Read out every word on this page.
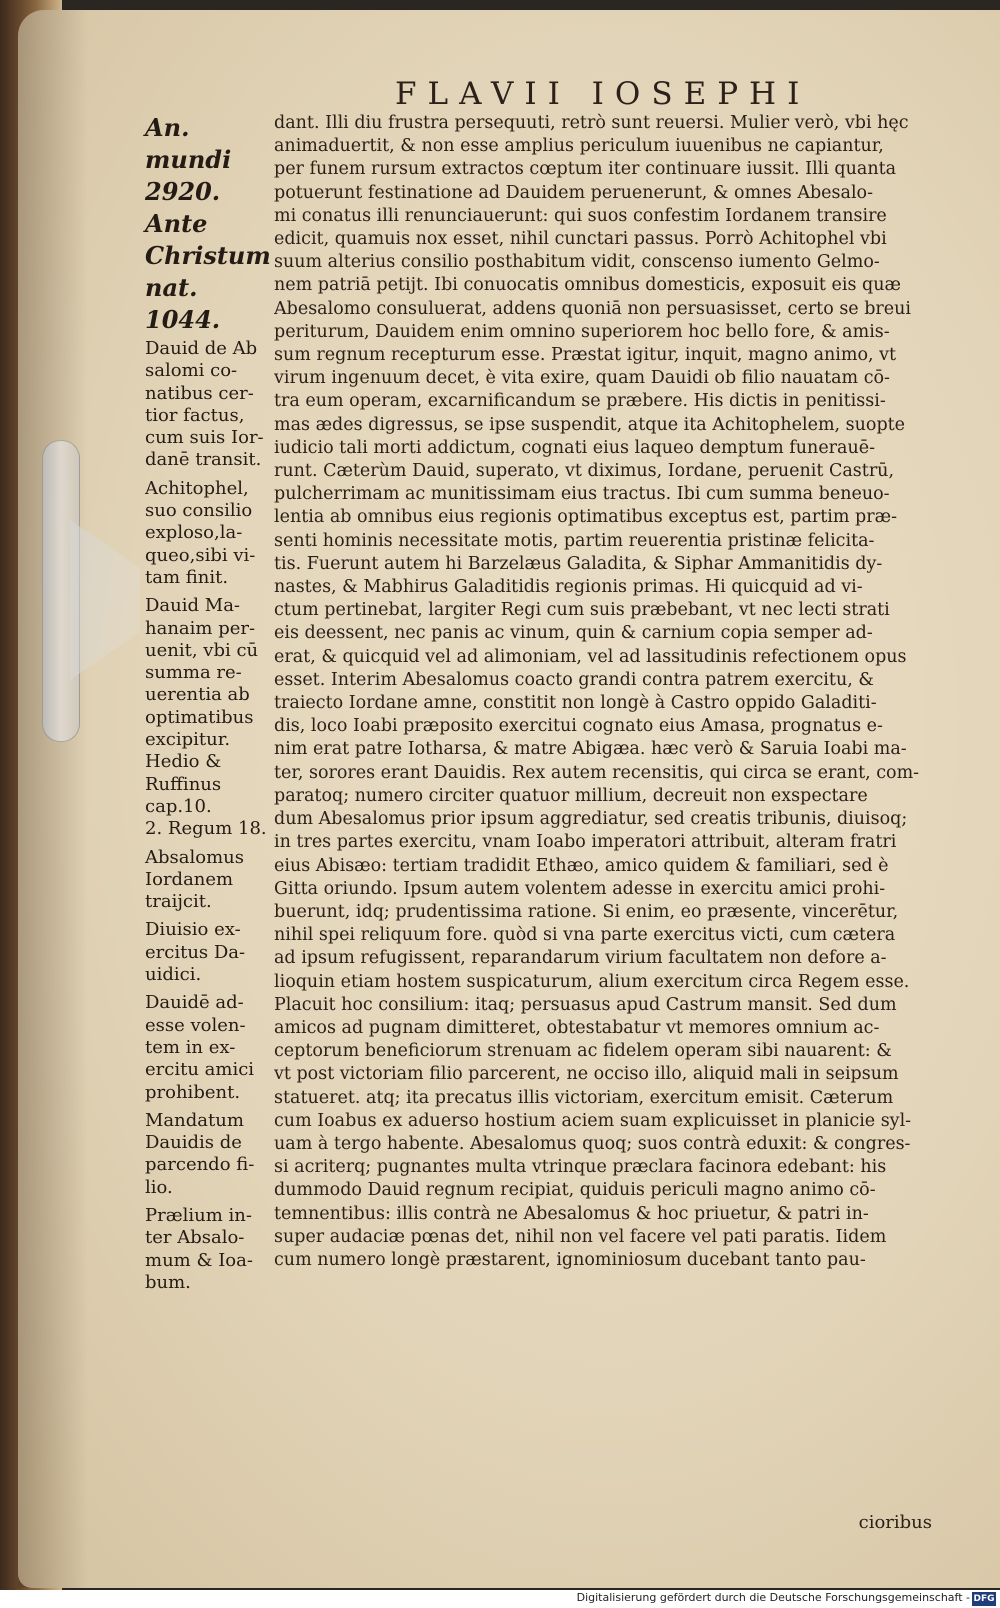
FLAVII IOSEPHI
An. mundi
2920. Ante
Christum
nat. 1044.
Dauid de Ab
salomi co-
natibus cer-
tior factus,
cum suis Ior-
danē transit.
Achitophel,
suo consilio
exploso,la-
queo,sibi vi-
tam finit.
Dauid Ma-
hanaim per-
uenit, vbi cū
summa re-
uerentia ab
optimatibus
excipitur.
Hedio &
Ruffinus
cap.10.
2. Regum 18.
Absalomus
Iordanem
traijcit.
Diuisio ex-
ercitus Da-
uidici.
Dauidē ad-
esse volen-
tem in ex-
ercitu amici
prohibent.
Mandatum
Dauidis de
parcendo fi-
lio.
Prælium in-
ter Absalo-
mum & Ioa-
bum.
dant. Illi diu frustra persequuti, retrò sunt reuersi. Mulier verò, vbi hęc
animaduertit, & non esse amplius periculum iuuenibus ne capiantur,
per funem rursum extractos cœptum iter continuare iussit. Illi quanta
potuerunt festinatione ad Dauidem peruenerunt, & omnes Abesalo-
mi conatus illi renunciauerunt: qui suos confestim Iordanem transire
edicit, quamuis nox esset, nihil cunctari passus. Porrò Achitophel vbi
suum alterius consilio posthabitum vidit, conscenso iumento Gelmo-
nem patriā petijt. Ibi conuocatis omnibus domesticis, exposuit eis quæ
Abesalomo consuluerat, addens quoniā non persuasisset, certo se breui
periturum, Dauidem enim omnino superiorem hoc bello fore, & amis-
sum regnum recepturum esse. Præstat igitur, inquit, magno animo, vt
virum ingenuum decet, è vita exire, quam Dauidi ob filio nauatam cō-
tra eum operam, excarnificandum se præbere. His dictis in penitissi-
mas ædes digressus, se ipse suspendit, atque ita Achitophelem, suopte
iudicio tali morti addictum, cognati eius laqueo demptum funerauē-
runt. Cæterùm Dauid, superato, vt diximus, Iordane, peruenit Castrū,
pulcherrimam ac munitissimam eius tractus. Ibi cum summa beneuo-
lentia ab omnibus eius regionis optimatibus exceptus est, partim præ-
senti hominis necessitate motis, partim reuerentia pristinæ felicita-
tis. Fuerunt autem hi Barzelæus Galadita, & Siphar Ammanitidis dy-
nastes, & Mabhirus Galaditidis regionis primas. Hi quicquid ad vi-
ctum pertinebat, largiter Regi cum suis præbebant, vt nec lecti strati
eis deessent, nec panis ac vinum, quin & carnium copia semper ad-
erat, & quicquid vel ad alimoniam, vel ad lassitudinis refectionem opus
esset. Interim Abesalomus coacto grandi contra patrem exercitu, &
traiecto Iordane amne, constitit non longè à Castro oppido Galaditi-
dis, loco Ioabi præposito exercitui cognato eius Amasa, prognatus e-
nim erat patre Iotharsa, & matre Abigæa. hæc verò & Saruia Ioabi ma-
ter, sorores erant Dauidis. Rex autem recensitis, qui circa se erant, com-
paratoq; numero circiter quatuor millium, decreuit non exspectare
dum Abesalomus prior ipsum aggrediatur, sed creatis tribunis, diuisoq;
in tres partes exercitu, vnam Ioabo imperatori attribuit, alteram fratri
eius Abisæo: tertiam tradidit Ethæo, amico quidem & familiari, sed è
Gitta oriundo. Ipsum autem volentem adesse in exercitu amici prohi-
buerunt, idq; prudentissima ratione. Si enim, eo præsente, vincerētur,
nihil spei reliquum fore. quòd si vna parte exercitus victi, cum cætera
ad ipsum refugissent, reparandarum virium facultatem non defore a-
lioquin etiam hostem suspicaturum, alium exercitum circa Regem esse.
Placuit hoc consilium: itaq; persuasus apud Castrum mansit. Sed dum
amicos ad pugnam dimitteret, obtestabatur vt memores omnium ac-
ceptorum beneficiorum strenuam ac fidelem operam sibi nauarent: &
vt post victoriam filio parcerent, ne occiso illo, aliquid mali in seipsum
statueret. atq; ita precatus illis victoriam, exercitum emisit. Cæterum
cum Ioabus ex aduerso hostium aciem suam explicuisset in planicie syl-
uam à tergo habente. Abesalomus quoq; suos contrà eduxit: & congres-
si acriterq; pugnantes multa vtrinque præclara facinora edebant: his
dummodo Dauid regnum recipiat, quiduis periculi magno animo cō-
temnentibus: illis contrà ne Abesalomus & hoc priuetur, & patri in-
super audaciæ pœnas det, nihil non vel facere vel pati paratis. Iidem
cum numero longè præstarent, ignominiosum ducebant tanto pau-
cioribus
Digitalisierung gefördert durch die Deutsche Forschungsgemeinschaft - DFG
